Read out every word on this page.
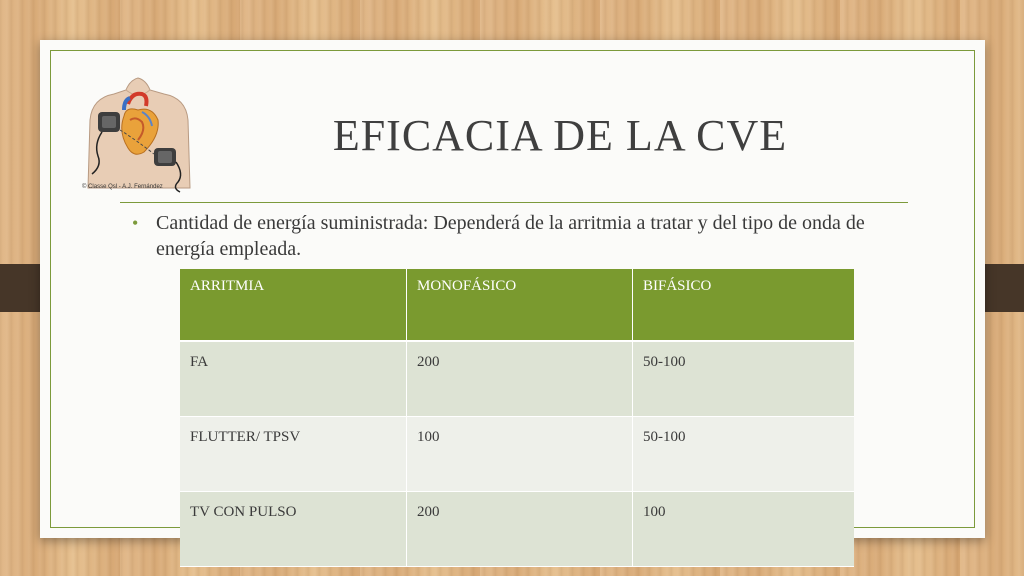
© Classe Qsl - A.J. Fernández
EFICACIA DE LA CVE
• Cantidad de energía suministrada: Dependerá de la arritmia a tratar y del tipo de onda de energía empleada.
ARRITMIA	MONOFÁSICO	BIFÁSICO
FA	200	50-100
FLUTTER/ TPSV	100	50-100
TV CON PULSO	200	100
